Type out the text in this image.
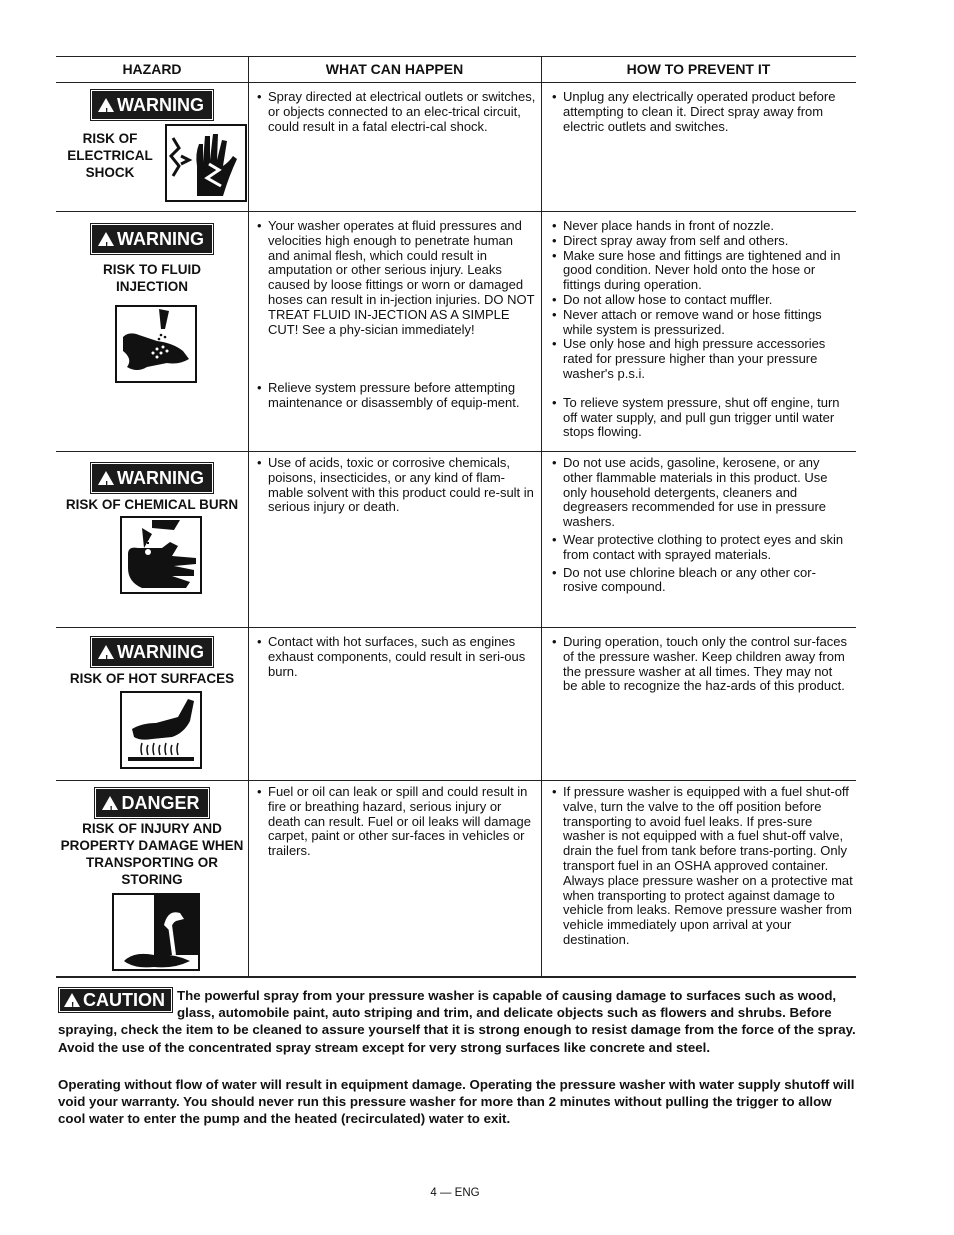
HAZARD	WHAT CAN HAPPEN	HOW TO PREVENT IT
! WARNING
RISK OF ELECTRICAL SHOCK
• Spray directed at electrical outlets or switches, or objects connected to an elec-trical circuit, could result in a fatal electri-cal shock.
• Unplug any electrically operated product before attempting to clean it. Direct spray away from electric outlets and switches.
! WARNING
RISK TO FLUID INJECTION
• Your washer operates at fluid pressures and velocities high enough to penetrate human and animal flesh, which could result in amputation or other serious injury. Leaks caused by loose fittings or worn or damaged hoses can result in in-jection injuries. DO NOT TREAT FLUID IN-JECTION AS A SIMPLE CUT! See a phy-sician immediately!
• Relieve system pressure before attempting maintenance or disassembly of equip-ment.
• Never place hands in front of nozzle.
• Direct spray away from self and others.
• Make sure hose and fittings are tightened and in good condition. Never hold onto the hose or fittings during operation.
• Do not allow hose to contact muffler.
• Never attach or remove wand or hose fittings while system is pressurized.
• Use only hose and high pressure accessories rated for pressure higher than your pressure washer's p.s.i.
• To relieve system pressure, shut off engine, turn off water supply, and pull gun trigger until water stops flowing.
! WARNING
RISK OF CHEMICAL BURN
• Use of acids, toxic or corrosive chemicals, poisons, insecticides, or any kind of flam-mable solvent with this product could re-sult in serious injury or death.
• Do not use acids, gasoline, kerosene, or any other flammable materials in this product. Use only household detergents, cleaners and degreasers recommended for use in pressure washers.
• Wear protective clothing to protect eyes and skin from contact with sprayed materials.
• Do not use chlorine bleach or any other cor-rosive compound.
! WARNING
RISK OF HOT SURFACES
• Contact with hot surfaces, such as engines exhaust components, could result in seri-ous burn.
• During operation, touch only the control sur-faces of the pressure washer. Keep children away from the pressure washer at all times. They may not be able to recognize the haz-ards of this product.
! DANGER
RISK OF INJURY AND PROPERTY DAMAGE WHEN TRANSPORTING OR STORING
• Fuel or oil can leak or spill and could result in fire or breathing hazard, serious injury or death can result. Fuel or oil leaks will damage carpet, paint or other sur-faces in vehicles or trailers.
• If pressure washer is equipped with a fuel shut-off valve, turn the valve to the off position before transporting to avoid fuel leaks. If pres-sure washer is not equipped with a fuel shut-off valve, drain the fuel from tank before trans-porting. Only transport fuel in an OSHA approved container. Always place pressure washer on a protective mat when transporting to protect against damage to vehicle from leaks. Remove pressure washer from vehicle immediately upon arrival at your destination.
! CAUTION The powerful spray from your pressure washer is capable of causing damage to surfaces such as wood, glass, automobile paint, auto striping and trim, and delicate objects such as flowers and shrubs. Before spraying, check the item to be cleaned to assure yourself that it is strong enough to resist damage from the force of the spray. Avoid the use of the concentrated spray stream except for very strong surfaces like concrete and steel.
Operating without flow of water will result in equipment damage. Operating the pressure washer with water supply shutoff will void your warranty. You should never run this pressure washer for more than 2 minutes without pulling the trigger to allow cool water to enter the pump and the heated (recirculated) water to exit.
4 — ENG
